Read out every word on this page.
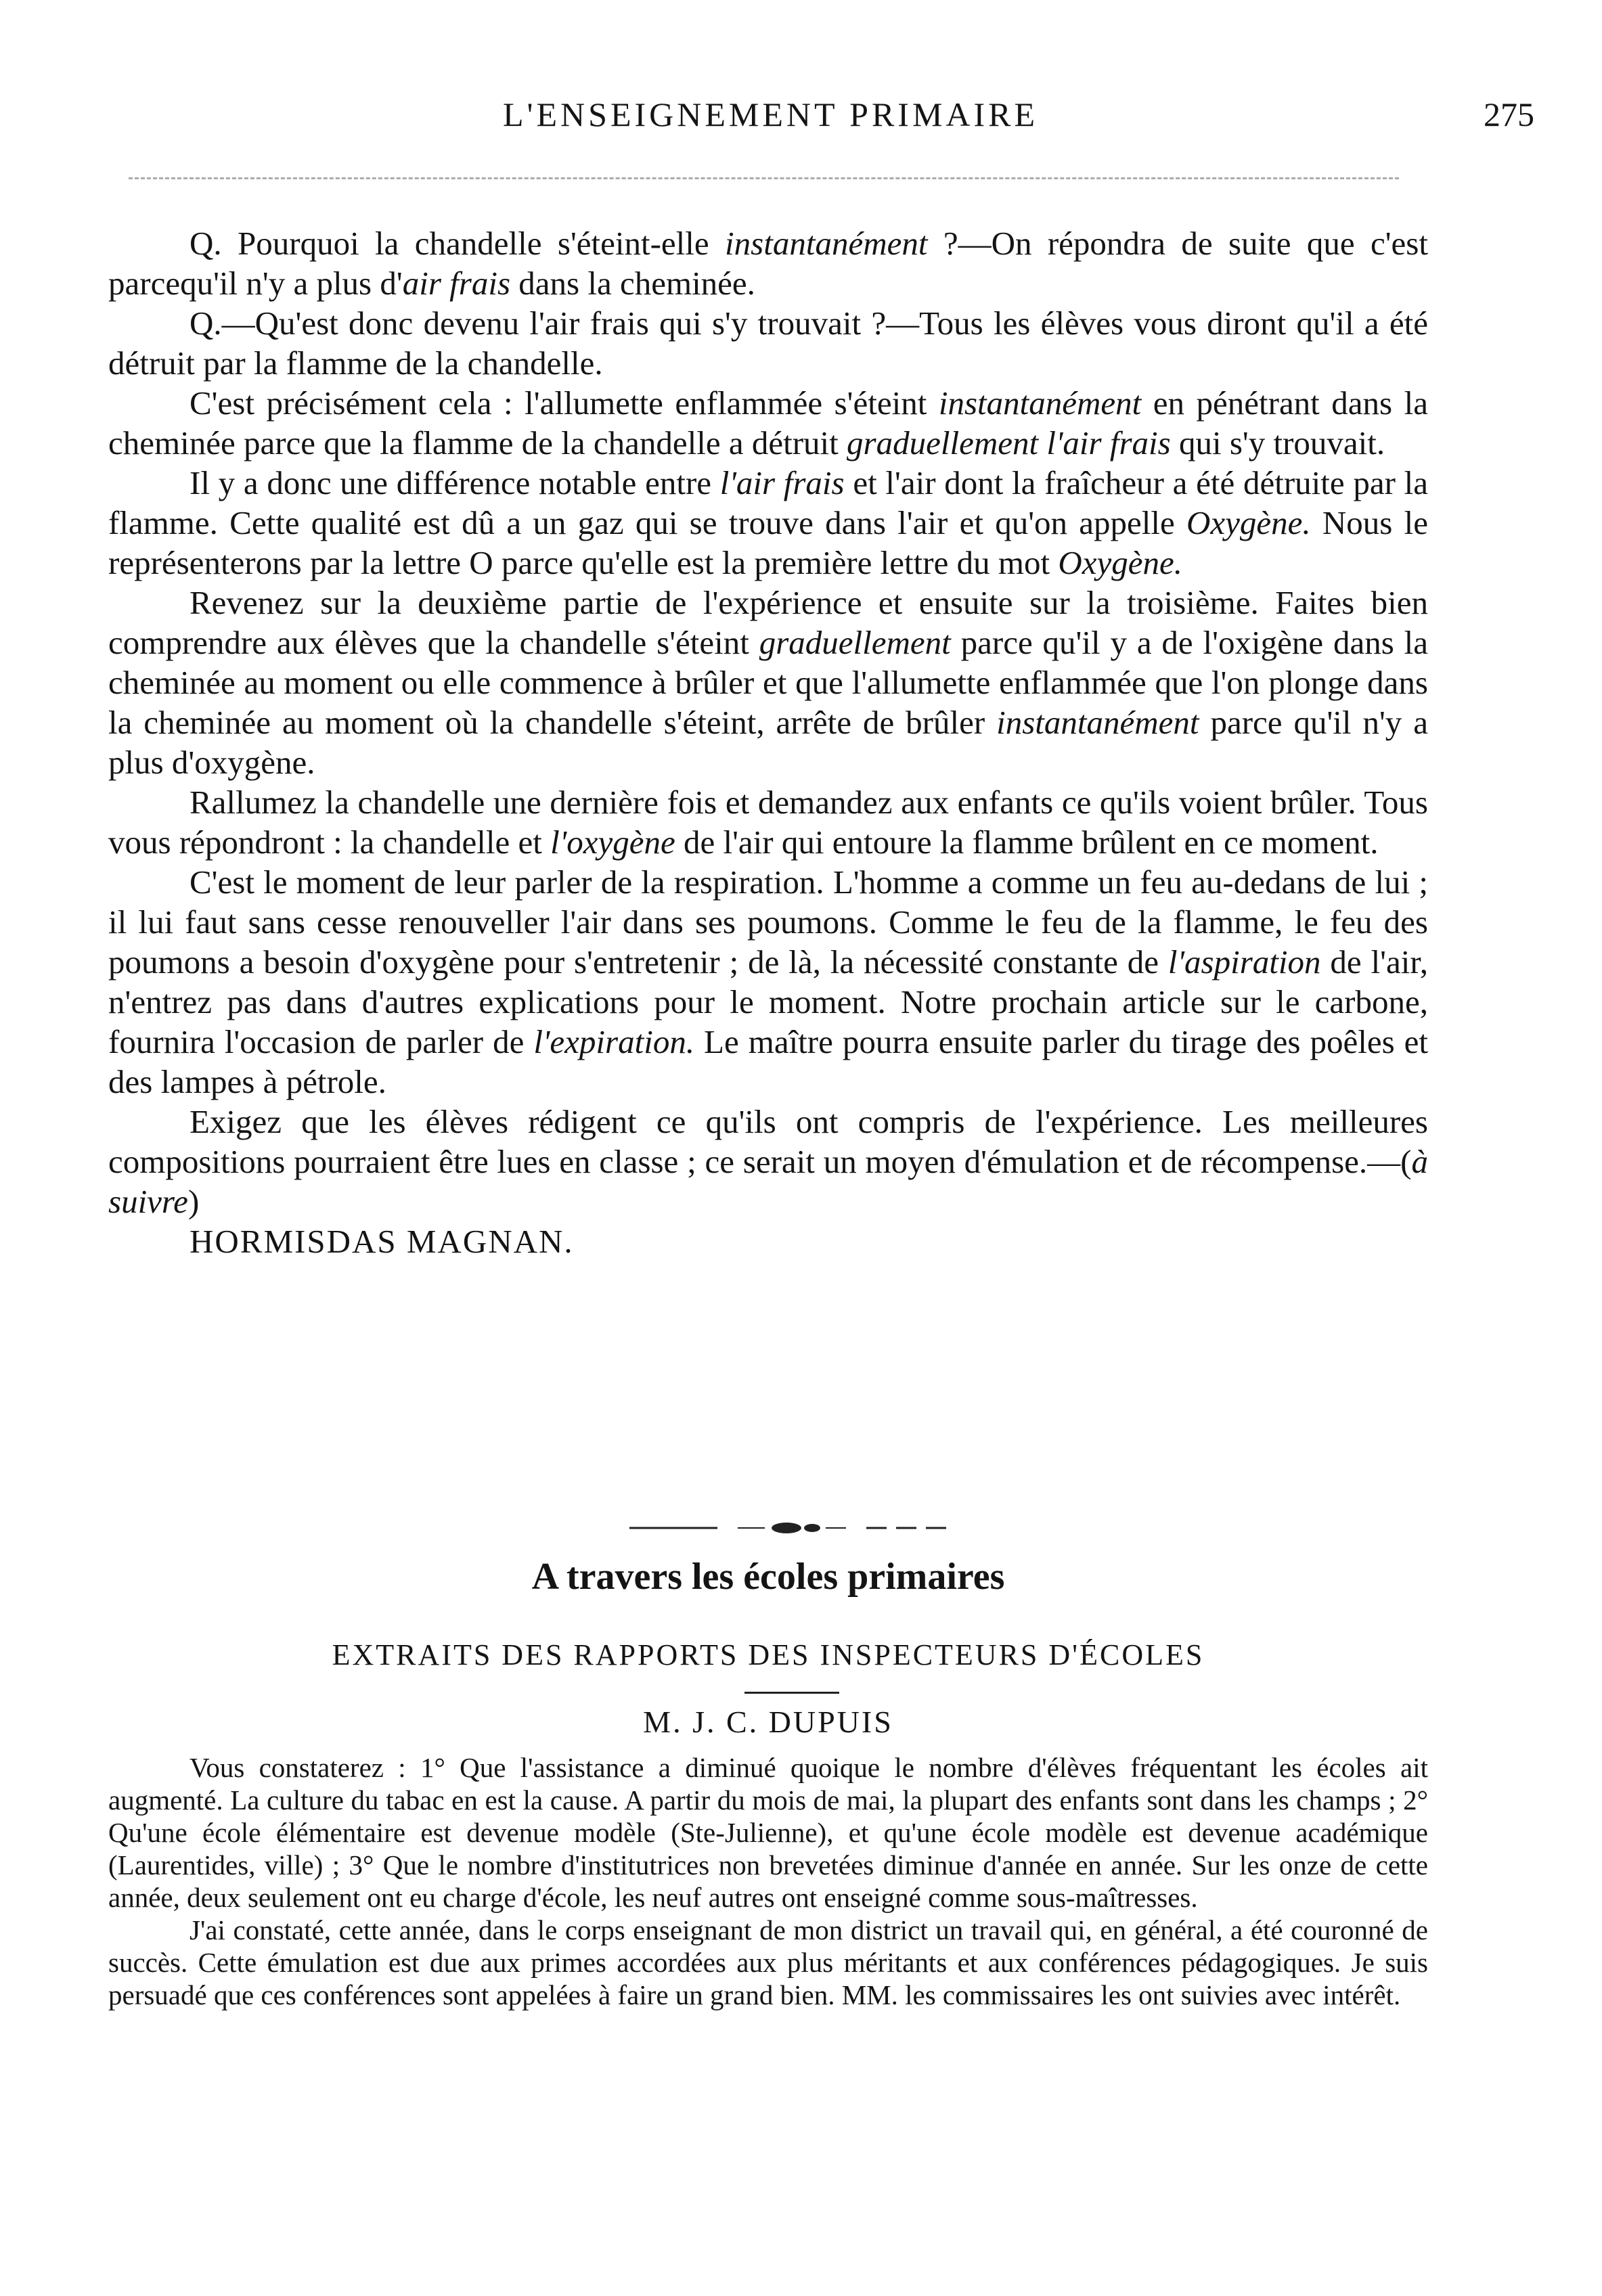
L'ENSEIGNEMENT PRIMAIRE	275

Q. Pourquoi la chandelle s'éteint-elle instantanément ?—On répondra de suite que c'est parcequ'il n'y a plus d'air frais dans la cheminée.

Q.—Qu'est donc devenu l'air frais qui s'y trouvait ?—Tous les élèves vous diront qu'il a été détruit par la flamme de la chandelle.

C'est précisément cela : l'allumette enflammée s'éteint instantanément en pénétrant dans la cheminée parce que la flamme de la chandelle a détruit graduellement l'air frais qui s'y trouvait.

Il y a donc une différence notable entre l'air frais et l'air dont la fraîcheur a été détruite par la flamme. Cette qualité est dû a un gaz qui se trouve dans l'air et qu'on appelle Oxygène. Nous le représenterons par la lettre O parce qu'elle est la première lettre du mot Oxygène.

Revenez sur la deuxième partie de l'expérience et ensuite sur la troisième. Faites bien comprendre aux élèves que la chandelle s'éteint graduellement parce qu'il y a de l'oxigène dans la cheminée au moment ou elle commence à brûler et que l'allumette enflammée que l'on plonge dans la cheminée au moment où la chandelle s'éteint, arrête de brûler instantanément parce qu'il n'y a plus d'oxygène.

Rallumez la chandelle une dernière fois et demandez aux enfants ce qu'ils voient brûler. Tous vous répondront : la chandelle et l'oxygène de l'air qui entoure la flamme brûlent en ce moment.

C'est le moment de leur parler de la respiration. L'homme a comme un feu au-dedans de lui ; il lui faut sans cesse renouveller l'air dans ses poumons. Comme le feu de la flamme, le feu des poumons a besoin d'oxygène pour s'entretenir ; de là, la nécessité constante de l'aspiration de l'air, n'entrez pas dans d'autres explications pour le moment. Notre prochain article sur le carbone, fournira l'occasion de parler de l'expiration. Le maître pourra ensuite parler du tirage des poêles et des lampes à pétrole.

Exigez que les élèves rédigent ce qu'ils ont compris de l'expérience. Les meilleures compositions pourraient être lues en classe ; ce serait un moyen d'émulation et de récompense.—(à suivre)

HORMISDAS MAGNAN.

A travers les écoles primaires
EXTRAITS DES RAPPORTS DES INSPECTEURS D'ÉCOLES
M. J. C. DUPUIS

Vous constaterez : 1° Que l'assistance a diminué quoique le nombre d'élèves fréquentant les écoles ait augmenté. La culture du tabac en est la cause. A partir du mois de mai, la plupart des enfants sont dans les champs ; 2° Qu'une école élémentaire est devenue modèle (Ste-Julienne), et qu'une école modèle est devenue académique (Laurentides, ville) ; 3° Que le nombre d'institutrices non brevetées diminue d'année en année. Sur les onze de cette année, deux seulement ont eu charge d'école, les neuf autres ont enseigné comme sous-maîtresses.

J'ai constaté, cette année, dans le corps enseignant de mon district un travail qui, en général, a été couronné de succès. Cette émulation est due aux primes accordées aux plus méritants et aux conférences pédagogiques. Je suis persuadé que ces conférences sont appelées à faire un grand bien. MM. les commissaires les ont suivies avec intérêt.
